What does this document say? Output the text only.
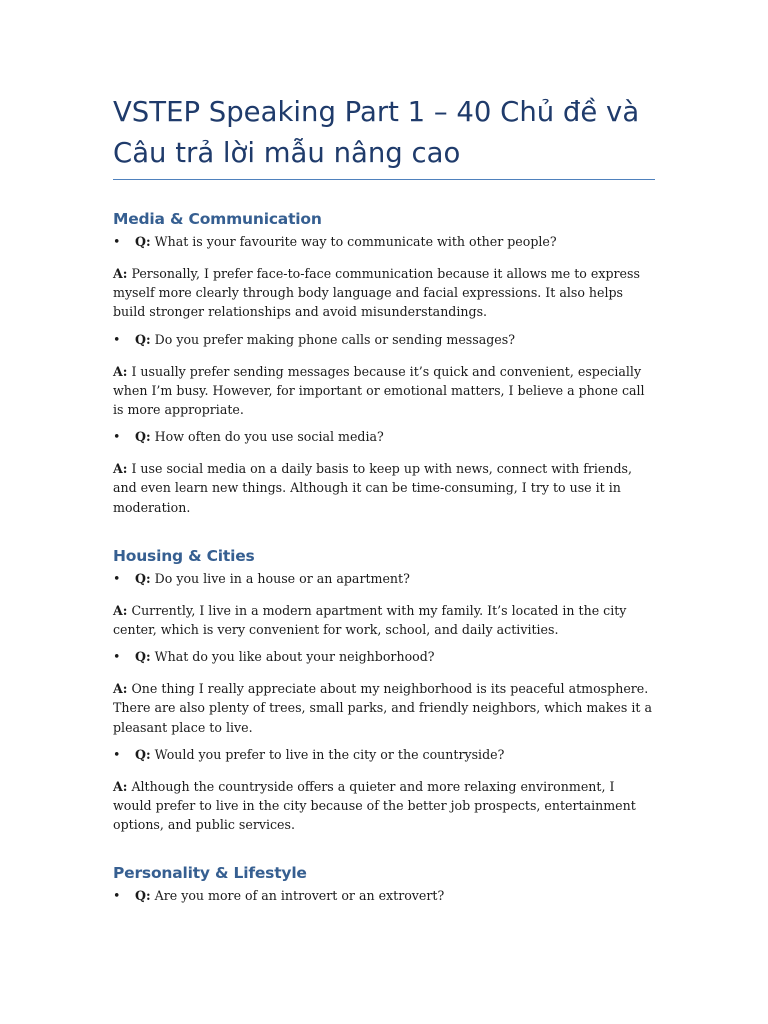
VSTEP Speaking Part 1 – 40 Chủ đề và
Câu trả lời mẫu nâng cao
Media & Communication

• Q: What is your favourite way to communicate with other people?

A: Personally, I prefer face-to-face communication because it allows me to express myself more clearly through body language and facial expressions. It also helps build stronger relationships and avoid misunderstandings.

• Q: Do you prefer making phone calls or sending messages?

A: I usually prefer sending messages because it’s quick and convenient, especially when I’m busy. However, for important or emotional matters, I believe a phone call is more appropriate.

• Q: How often do you use social media?

A: I use social media on a daily basis to keep up with news, connect with friends, and even learn new things. Although it can be time-consuming, I try to use it in moderation.

Housing & Cities

• Q: Do you live in a house or an apartment?

A: Currently, I live in a modern apartment with my family. It’s located in the city center, which is very convenient for work, school, and daily activities.

• Q: What do you like about your neighborhood?

A: One thing I really appreciate about my neighborhood is its peaceful atmosphere. There are also plenty of trees, small parks, and friendly neighbors, which makes it a pleasant place to live.

• Q: Would you prefer to live in the city or the countryside?

A: Although the countryside offers a quieter and more relaxing environment, I would prefer to live in the city because of the better job prospects, entertainment options, and public services.

Personality & Lifestyle

• Q: Are you more of an introvert or an extrovert?
